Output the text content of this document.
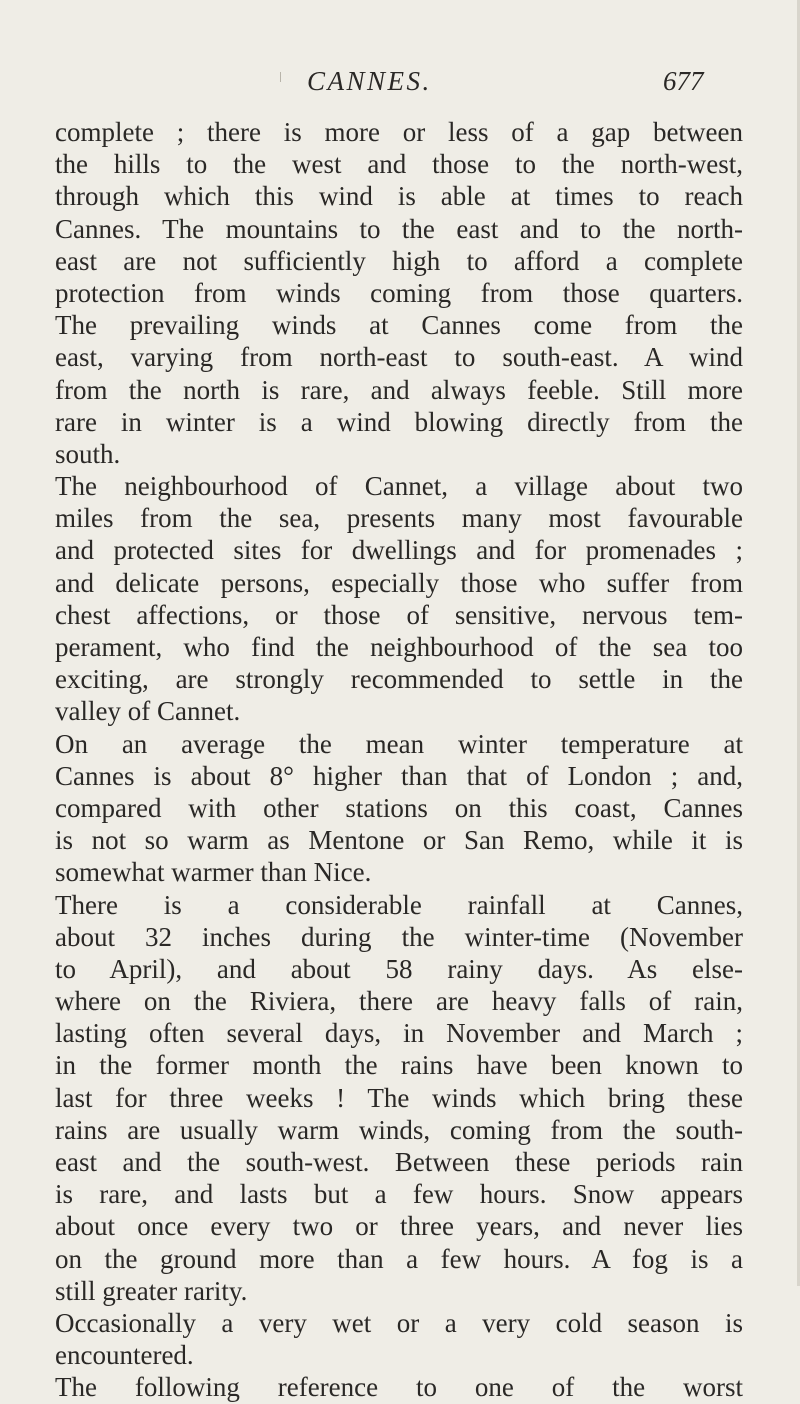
CANNES.	677
complete ; there is more or less of a gap between
the hills to the west and those to the north-west,
through which this wind is able at times to reach
Cannes. The mountains to the east and to the north-
east are not sufficiently high to afford a complete
protection from winds coming from those quarters.
The prevailing winds at Cannes come from the
east, varying from north-east to south-east. A wind
from the north is rare, and always feeble. Still more
rare in winter is a wind blowing directly from the
south.
The neighbourhood of Cannet, a village about two
miles from the sea, presents many most favourable
and protected sites for dwellings and for promenades ;
and delicate persons, especially those who suffer from
chest affections, or those of sensitive, nervous tem-
perament, who find the neighbourhood of the sea too
exciting, are strongly recommended to settle in the
valley of Cannet.
On an average the mean winter temperature at
Cannes is about 8° higher than that of London ; and,
compared with other stations on this coast, Cannes
is not so warm as Mentone or San Remo, while it is
somewhat warmer than Nice.
There is a considerable rainfall at Cannes,
about 32 inches during the winter-time (November
to April), and about 58 rainy days. As else-
where on the Riviera, there are heavy falls of rain,
lasting often several days, in November and March ;
in the former month the rains have been known to
last for three weeks ! The winds which bring these
rains are usually warm winds, coming from the south-
east and the south-west. Between these periods rain
is rare, and lasts but a few hours. Snow appears
about once every two or three years, and never lies
on the ground more than a few hours. A fog is a
still greater rarity.
Occasionally a very wet or a very cold season is
encountered.
The following reference to one of the worst
